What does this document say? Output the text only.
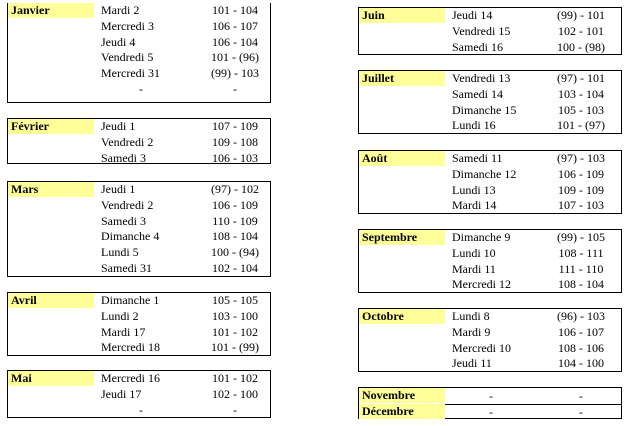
Janvier	Mardi 2	101 - 104
Mercredi 3	106 - 107
Jeudi 4	106 - 104
Vendredi 5	101 - (96)
Mercredi 31	(99) - 103
-	-
Février	Jeudi 1	107 - 109
Vendredi 2	109 - 108
Samedi 3	106 - 103
Mars	Jeudi 1	(97) - 102
Vendredi 2	106 - 109
Samedi 3	110 - 109
Dimanche 4	108 - 104
Lundi 5	100 - (94)
Samedi 31	102 - 104
Avril	Dimanche 1	105 - 105
Lundi 2	103 - 100
Mardi 17	101 - 102
Mercredi 18	101 - (99)
Mai	Mercredi 16	101 - 102
Jeudi 17	102 - 100
-	-
Juin	Jeudi 14	(99) - 101
Vendredi 15	102 - 101
Samedi 16	100 - (98)
Juillet	Vendredi 13	(97) - 101
Samedi 14	103 - 104
Dimanche 15	105 - 103
Lundi 16	101 - (97)
Août	Samedi 11	(97) - 103
Dimanche 12	106 - 109
Lundi 13	109 - 109
Mardi 14	107 - 103
Septembre	Dimanche 9	(99) - 105
Lundi 10	108 - 111
Mardi 11	111 - 110
Mercredi 12	108 - 104
Octobre	Lundi 8	(96) - 103
Mardi 9	106 - 107
Mercredi 10	108 - 106
Jeudi 11	104 - 100
Novembre	-	-
Décembre	-	-
